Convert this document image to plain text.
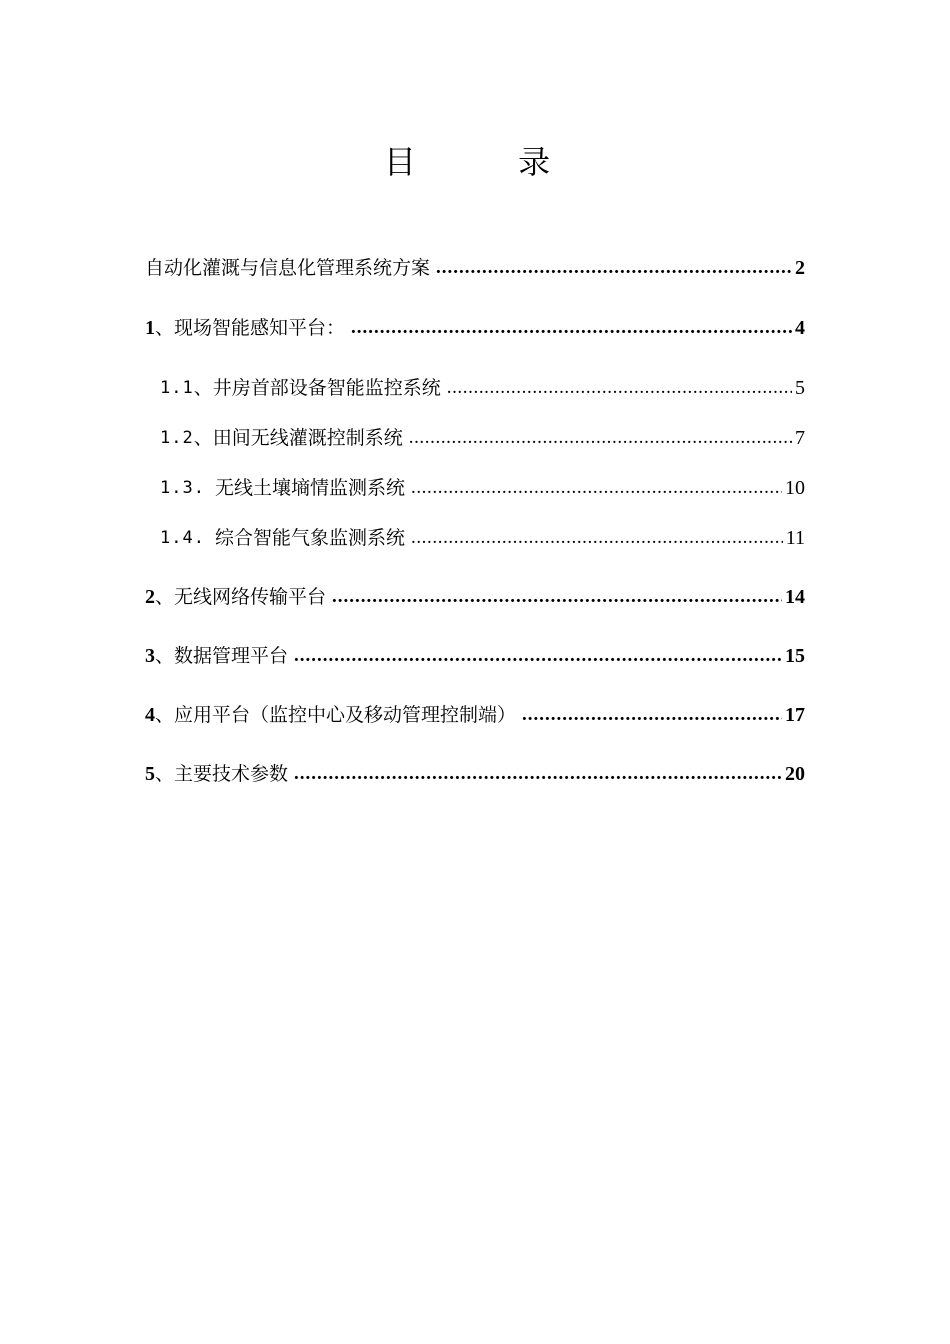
目 录
自动化灌溉与信息化管理系统方案 .....	2
1 、现场智能感知平台： .....	4
1.1 、井房首部设备智能监控系统 .....	5
1.2 、田间无线灌溉控制系统 .....	7
1.3. 无线土壤墒情监测系统 .....	10
1.4. 综合智能气象监测系统 .....	11
2 、无线网络传输平台 .....	14
3 、数据管理平台 .....	15
4 、应用平台（监控中心及移动管理控制端） .....	17
5 、主要技术参数 .....	20
